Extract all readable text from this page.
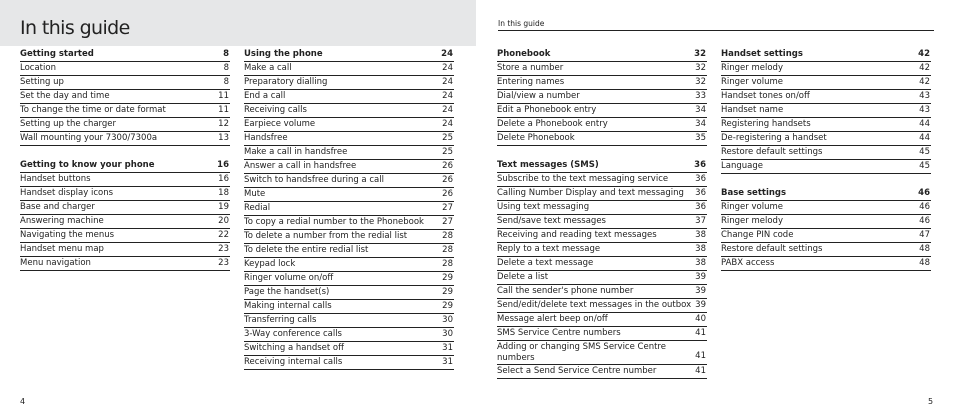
In this guide	In this guide
Getting started	8
Location	8
Setting up	8
Set the day and time	11
To change the time or date format	11
Setting up the charger	12
Wall mounting your 7300/7300a	13
Getting to know your phone	16
Handset buttons	16
Handset display icons	18
Base and charger	19
Answering machine	20
Navigating the menus	22
Handset menu map	23
Menu navigation	23
Using the phone	24
Make a call	24
Preparatory dialling	24
End a call	24
Receiving calls	24
Earpiece volume	24
Handsfree	25
Make a call in handsfree	25
Answer a call in handsfree	26
Switch to handsfree during a call	26
Mute	26
Redial	27
To copy a redial number to the Phonebook	27
To delete a number from the redial list	28
To delete the entire redial list	28
Keypad lock	28
Ringer volume on/off	29
Page the handset(s)	29
Making internal calls	29
Transferring calls	30
3-Way conference calls	30
Switching a handset off	31
Receiving internal calls	31
Phonebook	32
Store a number	32
Entering names	32
Dial/view a number	33
Edit a Phonebook entry	34
Delete a Phonebook entry	34
Delete Phonebook	35
Text messages (SMS)	36
Subscribe to the text messaging service	36
Calling Number Display and text messaging	36
Using text messaging	36
Send/save text messages	37
Receiving and reading text messages	38
Reply to a text message	38
Delete a text message	38
Delete a list	39
Call the sender's phone number	39
Send/edit/delete text messages in the outbox 39
Message alert beep on/off	40
SMS Service Centre numbers	41
Adding or changing SMS Service Centre numbers	41
Select a Send Service Centre number	41
Handset settings	42
Ringer melody	42
Ringer volume	42
Handset tones on/off	43
Handset name	43
Registering handsets	44
De-registering a handset	44
Restore default settings	45
Language	45
Base settings	46
Ringer volume	46
Ringer melody	46
Change PIN code	47
Restore default settings	48
PABX access	48
4	5
